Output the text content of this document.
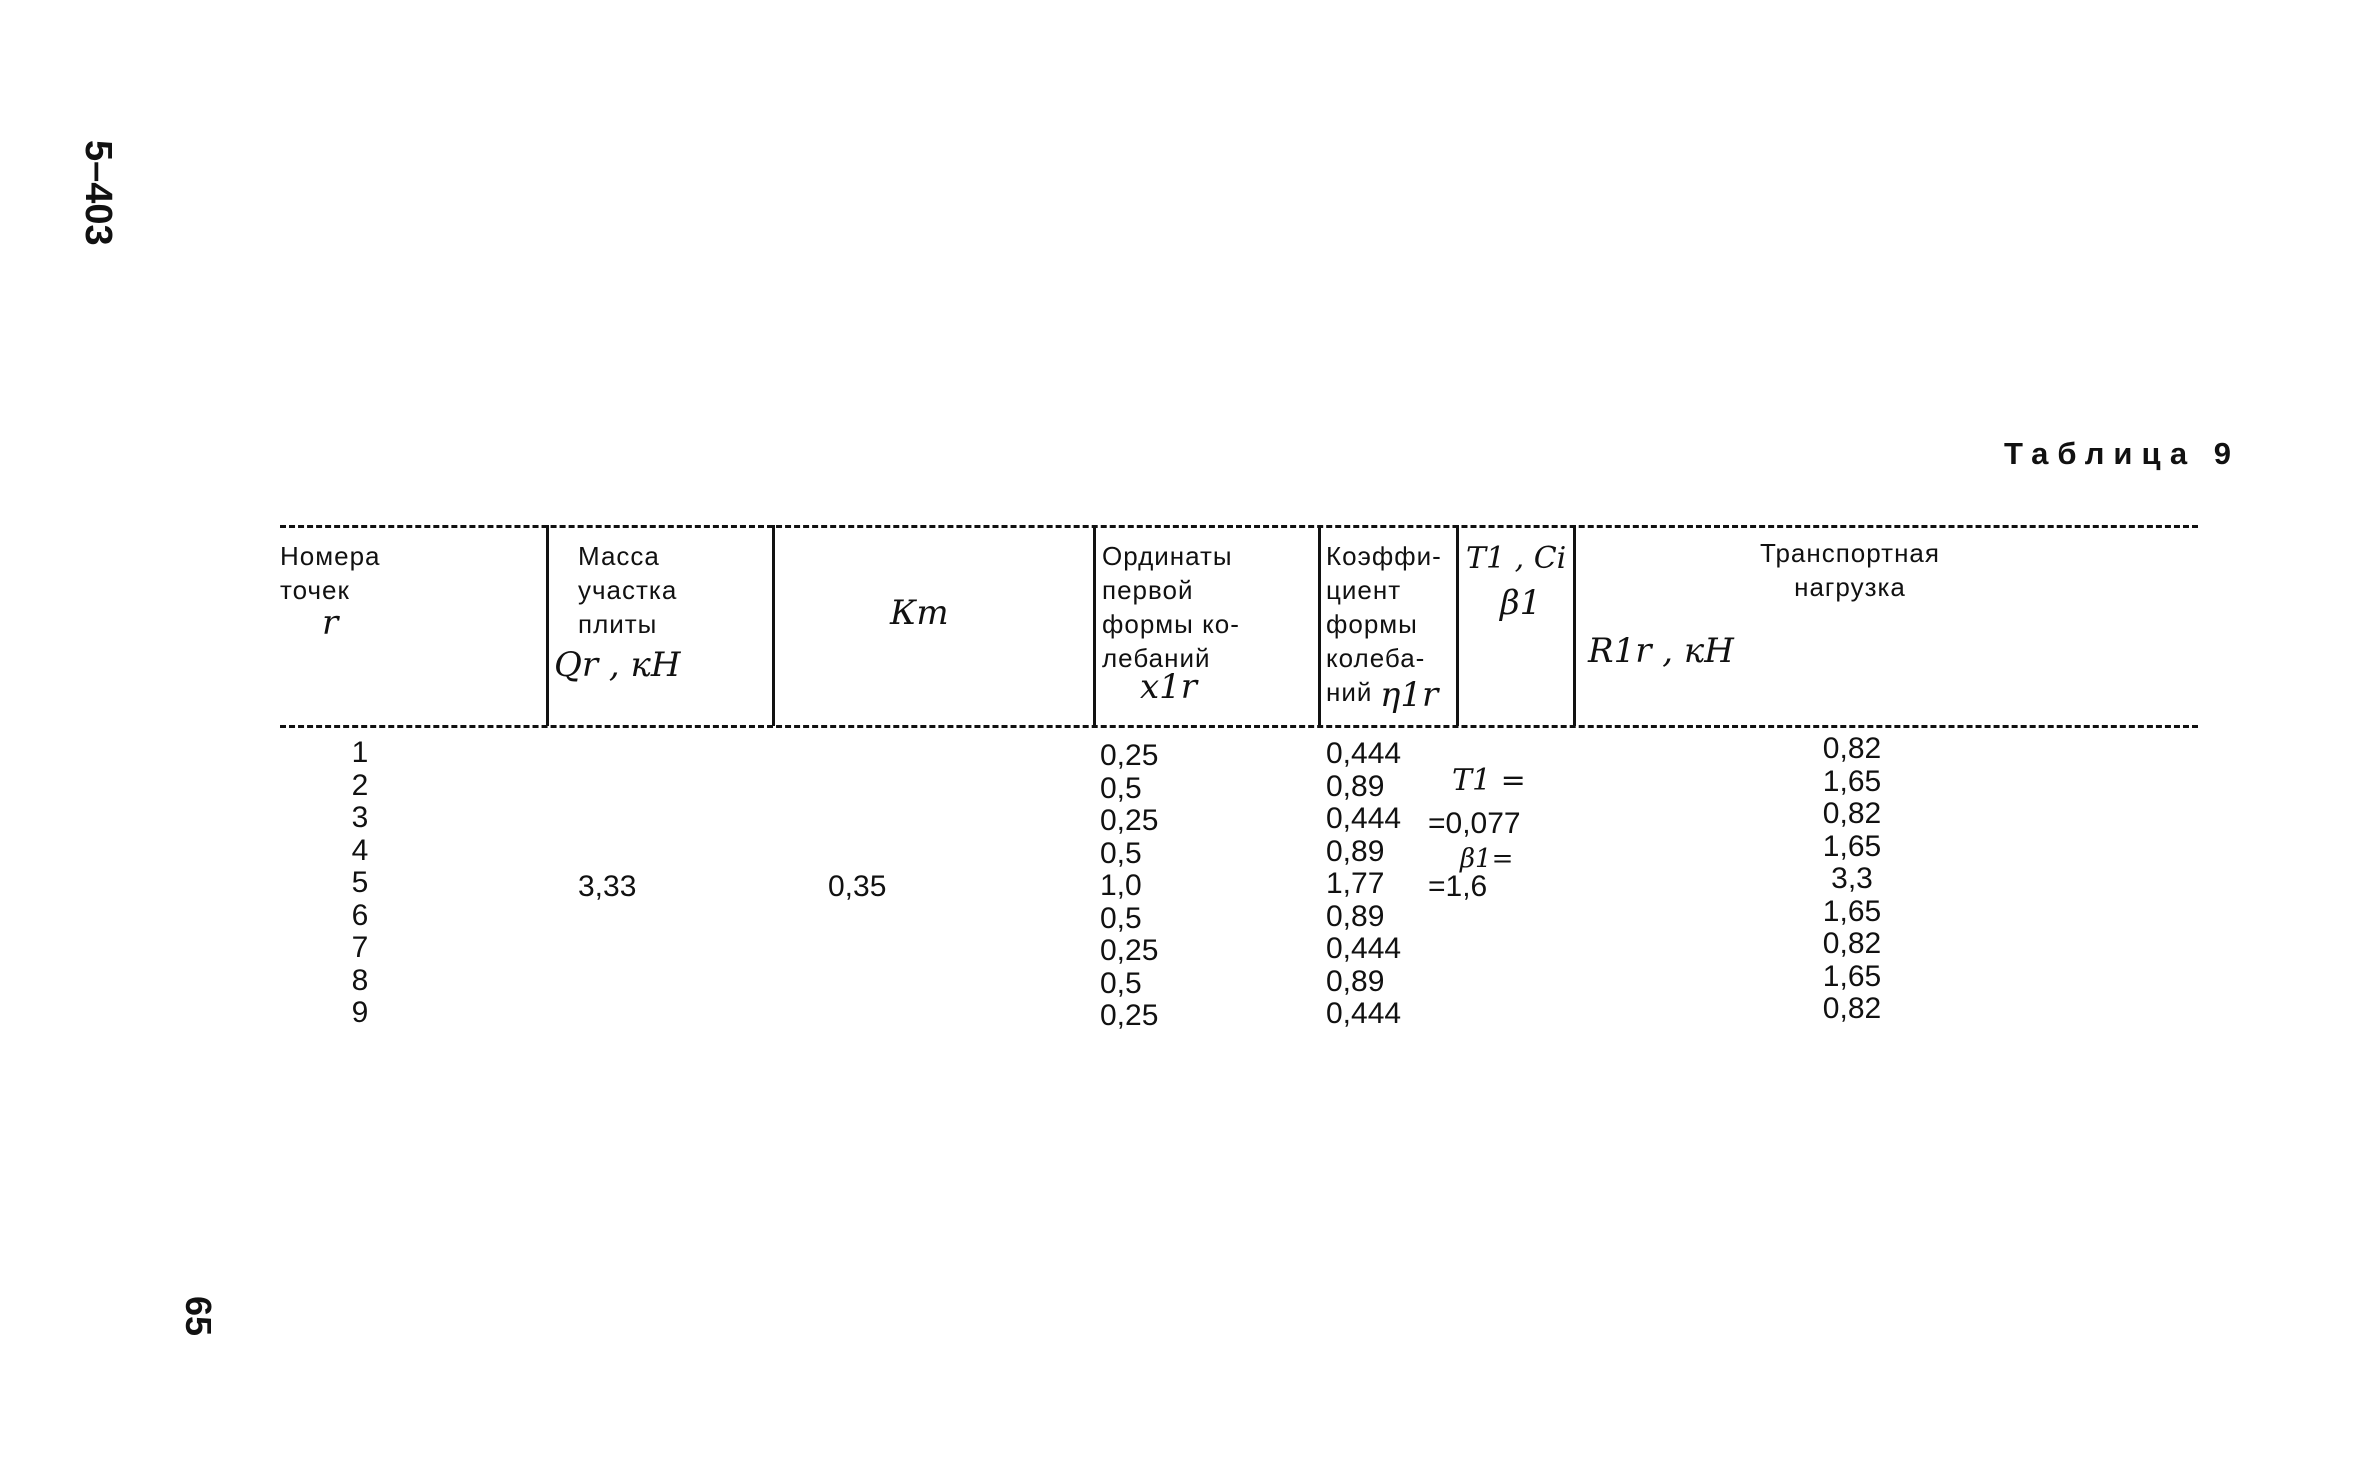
5–403
65
Таблица 9
Номера
точек
r
Масса
участка
плиты
Qr , кН
Кт
Ординаты
первой
формы ко-
лебаний
x1r
Коэффи-
циент
формы
колеба-
ний η1r
T1 , Ci
β1
Транспортная
нагрузка
R1r , кН
1
2
3
4
5
6
7
8
9
3,33	0,35
0,25
0,5
0,25
0,5
1,0
0,5
0,25
0,5
0,25
0,444
0,89
0,444
0,89
1,77
0,89
0,444
0,89
0,444
T1 =
=0,077
β1=
=1,6
0,82
1,65
0,82
1,65
3,3
1,65
0,82
1,65
0,82
